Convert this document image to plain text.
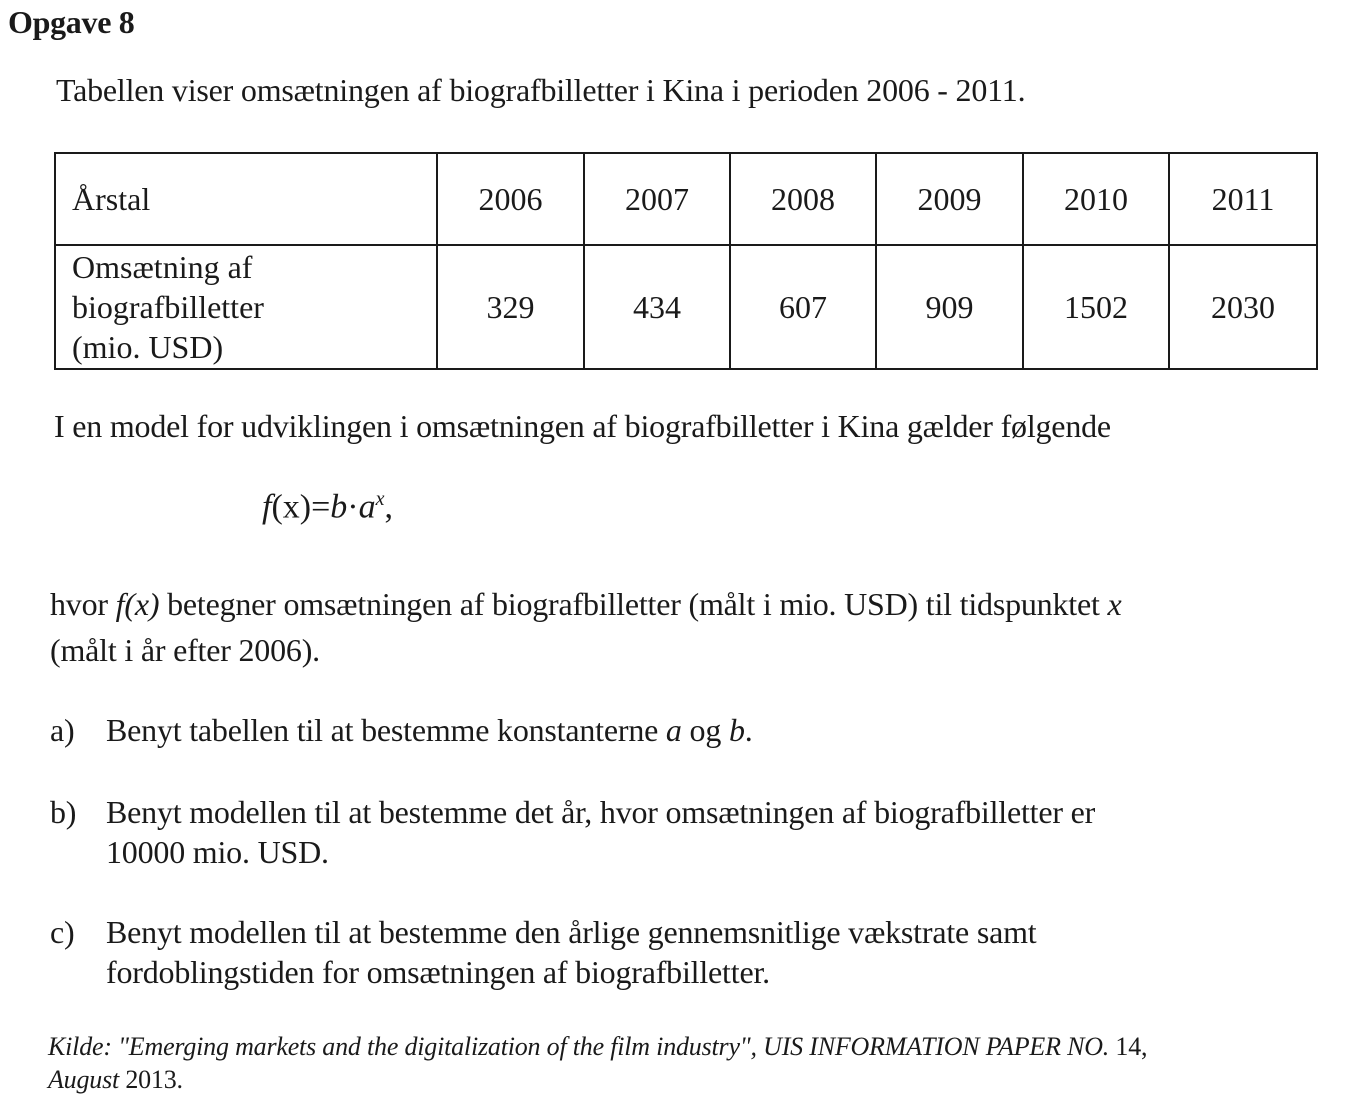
Opgave 8
Tabellen viser omsætningen af biografbilletter i Kina i perioden 2006 - 2011.
Årstal	2006	2007	2008	2009	2010	2011

Omsætning af
biografbilletter
(mio. USD)	329	434	607	909	1502	2030
I en model for udviklingen i omsætningen af biografbilletter i Kina gælder følgende
$f(x)=b\cdot a^x$,
hvor f(x) betegner omsætningen af biografbilletter (målt i mio. USD) til tidspunktet x
(målt i år efter 2006).
a) Benyt tabellen til at bestemme konstanterne a og b.
b) Benyt modellen til at bestemme det år, hvor omsætningen af biografbilletter er
10000 mio. USD.
c) Benyt modellen til at bestemme den årlige gennemsnitlige vækstrate samt
fordoblingstiden for omsætningen af biografbilletter.
Kilde: "Emerging markets and the digitalization of the film industry", UIS INFORMATION PAPER NO. 14,
August 2013.
